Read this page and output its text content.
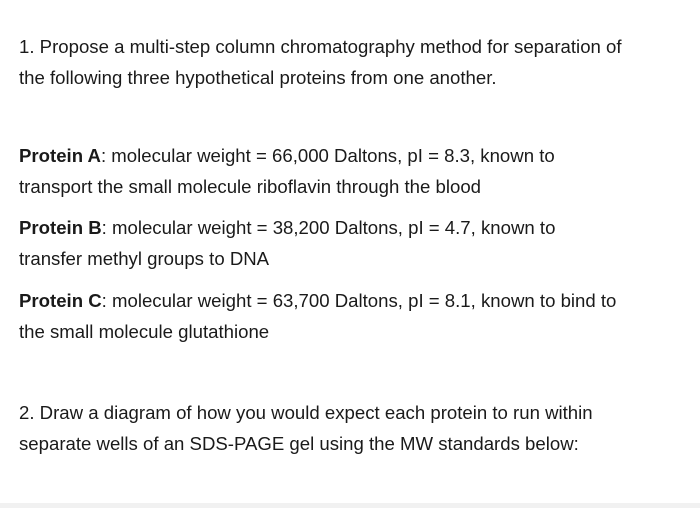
1. Propose a multi-step column chromatography method for separation of
the following three hypothetical proteins from one another.

Protein A: molecular weight = 66,000 Daltons, pI = 8.3, known to
transport the small molecule riboflavin through the blood

Protein B: molecular weight = 38,200 Daltons, pI = 4.7, known to
transfer methyl groups to DNA

Protein C: molecular weight = 63,700 Daltons, pI = 8.1, known to bind to
the small molecule glutathione

2. Draw a diagram of how you would expect each protein to run within
separate wells of an SDS-PAGE gel using the MW standards below:
